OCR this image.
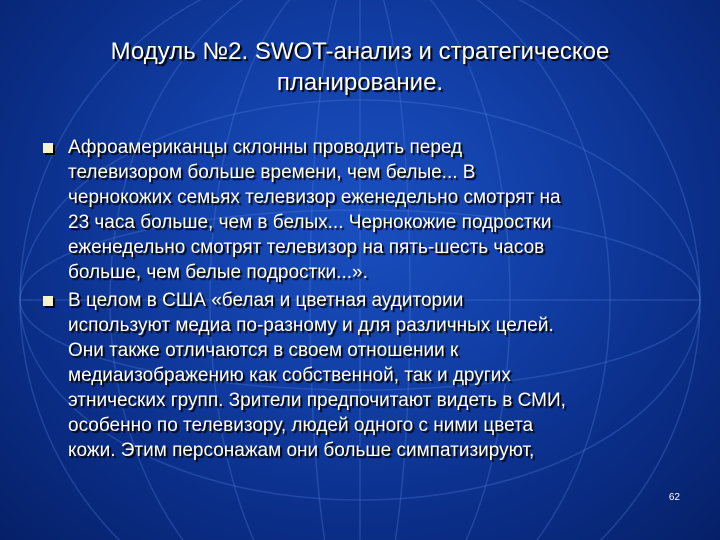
Модуль №2. SWOT-анализ и стратегическое
планирование.
Афроамериканцы склонны проводить перед
телевизором больше времени, чем белые... В
чернокожих семьях телевизор еженедельно смотрят на
23 часа больше, чем в белых... Чернокожие подростки
еженедельно смотрят телевизор на пять-шесть часов
больше, чем белые подростки...».
В целом в США «белая и цветная аудитории
используют медиа по-разному и для различных целей.
Они также отличаются в своем отношении к
медиаизображению как собственной, так и других
этнических групп. Зрители предпочитают видеть в СМИ,
особенно по телевизору, людей одного с ними цвета
кожи. Этим персонажам они больше симпатизируют,
62
